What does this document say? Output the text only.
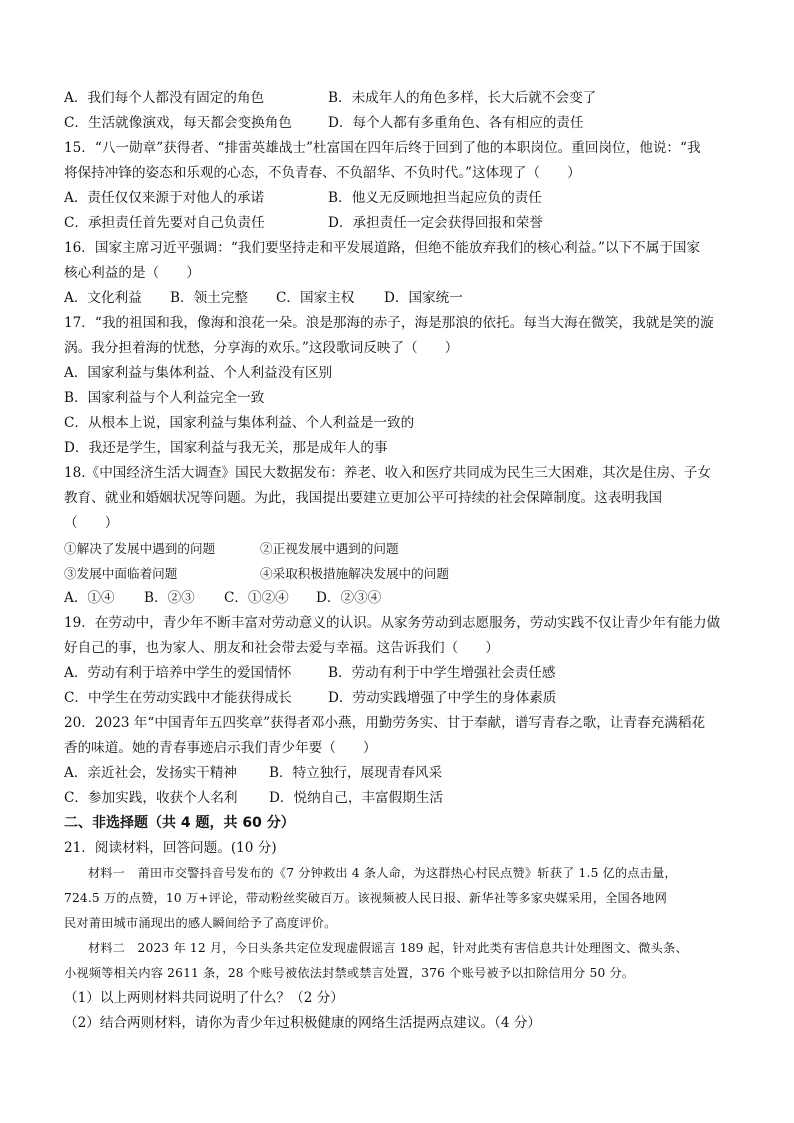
A．我们每个人都没有固定的角色	B．未成年人的角色多样，长大后就不会变了
C．生活就像演戏，每天都会变换角色	D．每个人都有多重角色、各有相应的责任
15．“八一勋章”获得者、“排雷英雄战士”杜富国在四年后终于回到了他的本职岗位。重回岗位，他说：“我
将保持冲锋的姿态和乐观的心态，不负青春、不负韶华、不负时代。”这体现了（　　）
A．责任仅仅来源于对他人的承诺	B．他义无反顾地担当起应负的责任
C．承担责任首先要对自己负责任	D．承担责任一定会获得回报和荣誉
16．国家主席习近平强调：“我们要坚持走和平发展道路，但绝不能放弃我们的核心利益。”以下不属于国家
核心利益的是（　　）
A．文化利益	B．领土完整	C．国家主权	D．国家统一
17．“我的祖国和我，像海和浪花一朵。浪是那海的赤子，海是那浪的依托。每当大海在微笑，我就是笑的漩
涡。我分担着海的忧愁，分享海的欢乐。”这段歌词反映了（　　）
A．国家利益与集体利益、个人利益没有区别
B．国家利益与个人利益完全一致
C．从根本上说，国家利益与集体利益、个人利益是一致的
D．我还是学生，国家利益与我无关，那是成年人的事
18.《中国经济生活大调查》国民大数据发布：养老、收入和医疗共同成为民生三大困难，其次是住房、子女
教育、就业和婚姻状况等问题。为此，我国提出要建立更加公平可持续的社会保障制度。这表明我国
（　　）
①解决了发展中遇到的问题	②正视发展中遇到的问题
③发展中面临着问题	④采取积极措施解决发展中的问题
A．①④	B．②③	C．①②④	D．②③④
19．在劳动中，青少年不断丰富对劳动意义的认识。从家务劳动到志愿服务，劳动实践不仅让青少年有能力做
好自己的事，也为家人、朋友和社会带去爱与幸福。这告诉我们（　　）
A．劳动有利于培养中学生的爱国情怀	B．劳动有利于中学生增强社会责任感
C．中学生在劳动实践中才能获得成长	D．劳动实践增强了中学生的身体素质
20．2023 年“中国青年五四奖章”获得者邓小燕，用勤劳务实、甘于奉献，谱写青春之歌，让青春充满稻花
香的味道。她的青春事迹启示我们青少年要（　　）
A．亲近社会，发扬实干精神	B．特立独行，展现青春风采
C．参加实践，收获个人名利	D．悦纳自己，丰富假期生活
二、非选择题（共 4 题，共 60 分）
21．阅读材料，回答问题。(10 分)
材料一　莆田市交警抖音号发布的《7 分钟救出 4 条人命，为这群热心村民点赞》斩获了 1.5 亿的点击量，
724.5 万的点赞，10 万+评论，带动粉丝奖破百万。该视频被人民日报、新华社等多家央媒采用，全国各地网
民对莆田城市涌现出的感人瞬间给予了高度评价。
材料二　2023 年 12 月，今日头条共定位发现虚假谣言 189 起，针对此类有害信息共计处理图文、微头条、
小视频等相关内容 2611 条，28 个账号被依法封禁或禁言处置，376 个账号被予以扣除信用分 50 分。
（1）以上两则材料共同说明了什么？（2 分）
（2）结合两则材料，请你为青少年过积极健康的网络生活提两点建议。（4 分）
